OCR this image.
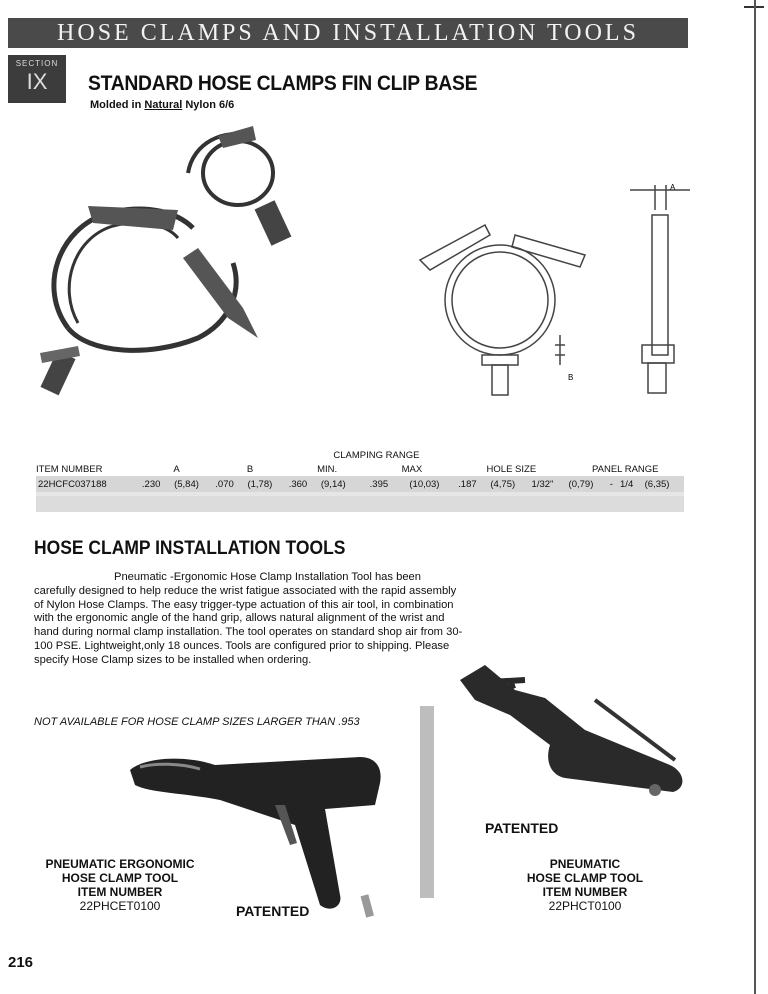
HOSE CLAMPS AND INSTALLATION TOOLS
SECTION
IX	STANDARD HOSE CLAMPS FIN CLIP BASE
Molded in Natural Nylon 6/6
B
A
					CLAMPING RANGE										
ITEM NUMBER	A		B		MIN.		MAX		HOLE SIZE			PANEL RANGE			
22HCFC037188	.230	(5,84)	.070	(1,78)	.360	(9,14)	.395	(10,03)	.187	(4,75)	1/32"	(0,79)	-	1/4	(6,35)

HOSE CLAMP INSTALLATION TOOLS
Pneumatic -Ergonomic Hose Clamp Installation Tool has been carefully designed to help reduce the wrist fatigue associated with the rapid assembly of Nylon Hose Clamps. The easy trigger-type actuation of this air tool, in combination with the ergonomic angle of the hand grip, allows natural alignment of the wrist and hand during normal clamp installation. The tool operates on standard shop air from 30-100 PSE. Lightweight,only 18 ounces. Tools are configured prior to shipping. Please specify Hose Clamp sizes to be installed when ordering.
NOT AVAILABLE FOR HOSE CLAMP SIZES LARGER THAN .953
PATENTED
PNEUMATIC ERGONOMIC
HOSE CLAMP TOOL
ITEM NUMBER
22PHCET0100	PATENTED
PNEUMATIC
HOSE CLAMP TOOL
ITEM NUMBER
22PHCT0100
216
